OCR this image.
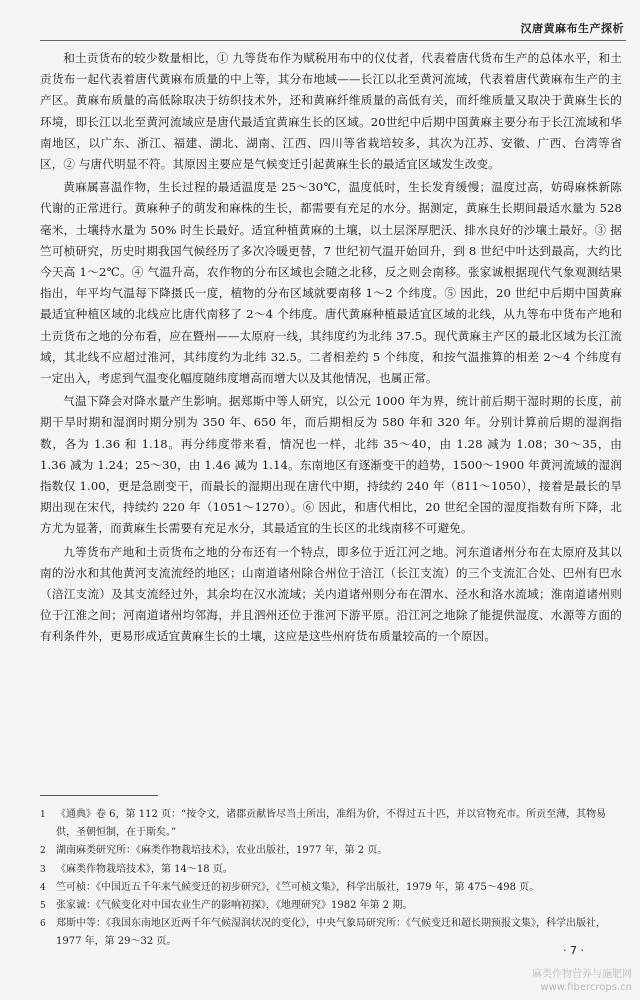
汉唐黄麻布生产探析

和土贡货布的较少数量相比，① 九等货布作为赋税用布中的仪仗者，代表着唐代货布生产的总体水平，和土贡货布一起代表着唐代黄麻布质量的中上等，其分布地域——长江以北至黄河流域，代表着唐代黄麻布生产的主产区。黄麻布质量的高低除取决于纺织技术外，还和黄麻纤维质量的高低有关，而纤维质量又取决于黄麻生长的环境，即长江以北至黄河流域应是唐代最适宜黄麻生长的区域。20世纪中后期中国黄麻主要分布于长江流域和华南地区，以广东、浙江、福建、湖北、湖南、江西、四川等省栽培较多，其次为江苏、安徽、广西、台湾等省区，② 与唐代明显不符。其原因主要应是气候变迁引起黄麻生长的最适宜区域发生改变。

黄麻属喜温作物，生长过程的最适温度是 25～30℃，温度低时，生长发育缓慢；温度过高，妨碍麻株新陈代谢的正常进行。黄麻种子的萌发和麻株的生长，都需要有充足的水分。据测定，黄麻生长期间最适水量为 528 毫米，土壤持水量为 50% 时生长最好。适宜种植黄麻的土壤，以土层深厚肥沃、排水良好的沙壤土最好。③ 据竺可桢研究，历史时期我国气候经历了多次冷暖更替，7 世纪初气温开始回升，到 8 世纪中叶达到最高，大约比今天高 1～2℃。④ 气温升高，农作物的分布区域也会随之北移，反之则会南移。张家诚根据现代气象观测结果指出，年平均气温每下降摄氏一度，植物的分布区域就要南移 1～2 个纬度。⑤ 因此，20 世纪中后期中国黄麻最适宜种植区域的北线应比唐代南移了 2～4 个纬度。唐代黄麻种植最适宜区域的北线，从九等布中货布产地和土贡货布之地的分布看，应在暨州——太原府一线，其纬度约为北纬 37.5。现代黄麻主产区的最北区域为长江流域，其北线不应超过淮河，其纬度约为北纬 32.5。二者相差约 5 个纬度，和按气温推算的相差 2～4 个纬度有一定出入，考虑到气温变化幅度随纬度增高而增大以及其他情况，也属正常。

气温下降会对降水量产生影响。据郑斯中等人研究，以公元 1000 年为界，统计前后期干湿时期的长度，前期干旱时期和湿润时期分别为 350 年、650 年，而后期相反为 580 年和 320 年。分别计算前后期的湿润指数，各为 1.36 和 1.18。再分纬度带来看，情况也一样，北纬 35～40，由 1.28 减为 1.08；30～35，由 1.36 减为 1.24；25～30，由 1.46 减为 1.14。东南地区有逐渐变干的趋势，1500～1900 年黄河流域的湿润指数仅 1.00，更是急剧变干，而最长的湿期出现在唐代中期，持续约 240 年（811～1050），接着是最长的旱期出现在宋代，持续约 220 年（1051～1270）。⑥ 因此，和唐代相比，20 世纪全国的湿度指数有所下降，北方尤为显著，而黄麻生长需要有充足水分，其最适宜的生长区的北线南移不可避免。

九等货布产地和土贡货布之地的分布还有一个特点，即多位于近江河之地。河东道诸州分布在太原府及其以南的汾水和其他黄河支流流经的地区；山南道诸州除合州位于涪江（长江支流）的三个支流汇合处、巴州有巴水（涪江支流）及其支流经过外，其余均在汉水流域；关内道诸州则分布在渭水、泾水和洛水流域；淮南道诸州则位于江淮之间；河南道诸州均邻海，并且泗州还位于淮河下游平原。沿江河之地除了能提供湿度、水源等方面的有利条件外，更易形成适宜黄麻生长的土壤，这应是这些州府货布质量较高的一个原因。

1	《通典》卷 6，第 112 页：“按令文，诸郡贡献皆尽当土所出，准绢为价，不得过五十匹，并以官物充市。所贡至薄，其物易供，圣朝恒制，在于斯矣。”
2	湖南麻类研究所：《麻类作物栽培技术》，农业出版社，1977 年，第 2 页。
3	《麻类作物栽培技术》，第 14～18 页。
4	竺可桢：《中国近五千年来气候变迁的初步研究》，《竺可桢文集》，科学出版社，1979 年，第 475～498 页。
5	张家诚：《气候变化对中国农业生产的影响初探》，《地理研究》1982 年第 2 期。
6	郑斯中等：《我国东南地区近两千年气候湿润状况的变化》，中央气象局研究所：《气候变迁和超长期预报文集》，科学出版社，1977 年，第 29～32 页。
· 7 ·
麻类作物营养与施肥网
www.fibercrops.cn
